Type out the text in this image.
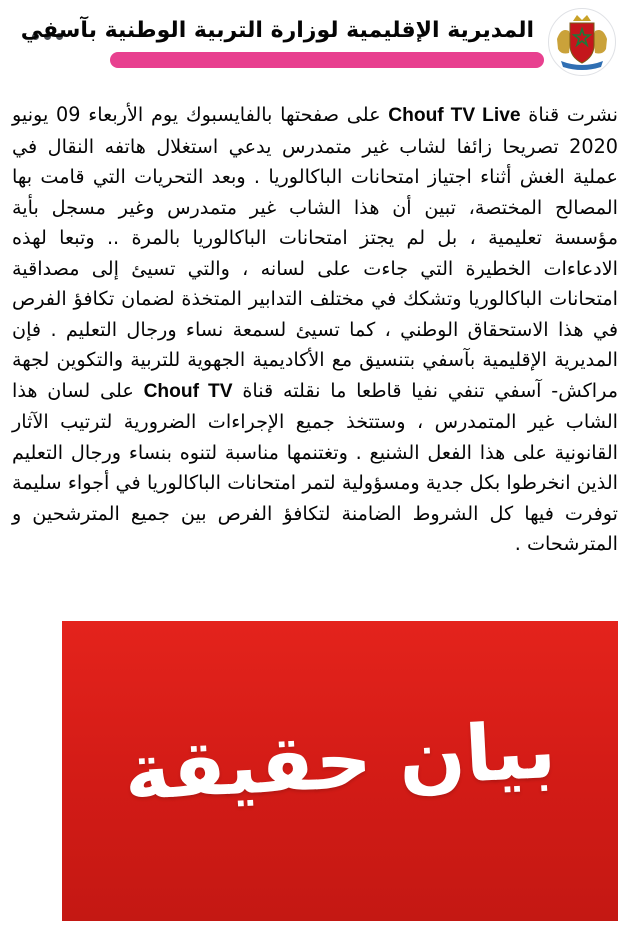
المديرية الإقليمية لوزارة التربية الوطنية بآسفي
نشرت قناة Chouf TV Live على صفحتها بالفايسبوك يوم الأربعاء 09 يونيو 2020 تصريحا زائفا لشاب غير متمدرس يدعي استغلال هاتفه النقال في عملية الغش أثناء اجتياز امتحانات الباكالوريا . وبعد التحريات التي قامت بها المصالح المختصة، تبين أن هذا الشاب غير متمدرس وغير مسجل بأية مؤسسة تعليمية ، بل لم يجتز امتحانات الباكالوريا بالمرة .. وتبعا لهذه الادعاءات الخطيرة التي جاءت على لسانه ، والتي تسيئ إلى مصداقية امتحانات الباكالوريا وتشكك في مختلف التدابير المتخذة لضمان تكافؤ الفرص في هذا الاستحقاق الوطني ، كما تسيئ لسمعة نساء ورجال التعليم . فإن المديرية الإقليمية بآسفي بتنسيق مع الأكاديمية الجهوية للتربية والتكوين لجهة مراكش- آسفي تنفي نفيا قاطعا ما نقلته قناة Chouf TV على لسان هذا الشاب غير المتمدرس ، وستتخذ جميع الإجراءات الضرورية لترتيب الآثار القانونية على هذا الفعل الشنيع . وتغتنمها مناسبة لتنوه بنساء ورجال التعليم الذين انخرطوا بكل جدية ومسؤولية لتمر امتحانات الباكالوريا في أجواء سليمة توفرت فيها كل الشروط الضامنة لتكافؤ الفرص بين جميع المترشحين و المترشحات .
بيان حقيقة
